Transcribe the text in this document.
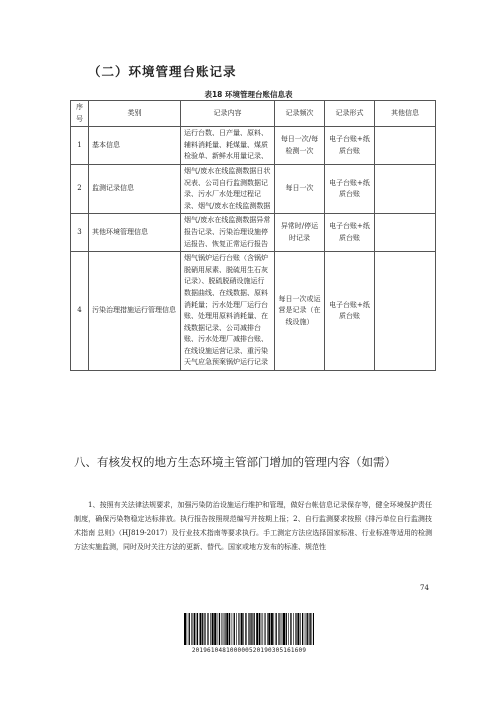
（二）环境管理台账记录
表18 环境管理台账信息表
序号	类别	记录内容	记录频次	记录形式	其他信息
1	基本信息	运行台数、日产量、原料、辅料消耗量、耗煤量、煤质检验单、新鲜水用量记录、	每日一次/每检测一次	电子台账+纸质台账	
2	监测记录信息	烟气/废水在线监测数据日状况表、公司自行监测数据记录、污水厂水处理过程记录、烟气/废水在线监测数据	每日一次	电子台账+纸质台账	
3	其他环境管理信息	烟气/废水在线监测数据异常报告记录、污染治理设施停运报告、恢复正常运行报告	异常时/停运时记录	电子台账+纸质台账	
4	污染治理措施运行管理信息	烟气锅炉运行台账（含锅炉脱硝用尿素、脱硫用生石灰记录）、脱硫脱硝设施运行数据曲线、在线数据、原料消耗量；污水处理厂运行台账、处理用原料消耗量、在线数据记录、公司减排台账、污水处理厂减排台账、在线设施运营记录、重污染天气应急预案锅炉运行记录	每日一次或运营是记录（在线设施）	电子台账+纸质台账	
八、有核发权的地方生态环境主管部门增加的管理内容（如需）
1、按照有关法律法规要求，加强污染防治设施运行维护和管理，做好台帐信息记录保存等，健全环境保护责任制度，确保污染物稳定达标排放。执行报告按照规范编写并按期上报；2、自行监测要求按照《排污单位自行监测技术指南 总则》（HJ819-2017）及行业技术指南等要求执行。手工测定方法应选择国家标准、行业标准等适用的检测方法实施监测，同时及时关注方法的更新、替代。国家或地方发布的标准、规范性
74
20196104810000052019030516160​9
